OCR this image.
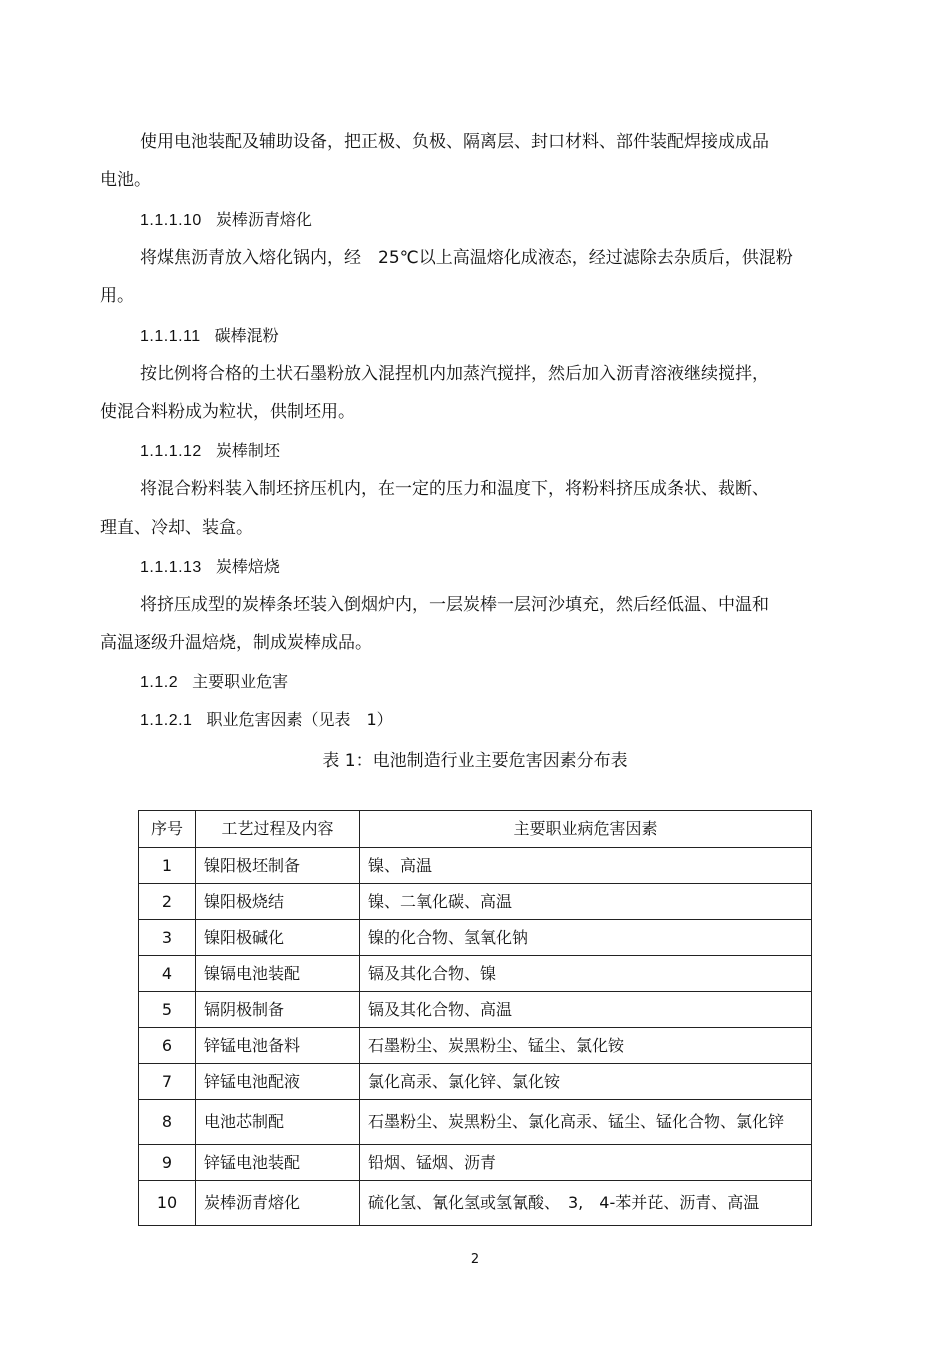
使用电池装配及辅助设备，把正极、负极、隔离层、封口材料、部件装配焊接成成品
电池。
1.1.1.10 炭棒沥青熔化
将煤焦沥青放入熔化锅内，经　25℃以上高温熔化成液态，经过滤除去杂质后，供混粉
用。
1.1.1.11 碳棒混粉
按比例将合格的土状石墨粉放入混捏机内加蒸汽搅拌，然后加入沥青溶液继续搅拌，
使混合料粉成为粒状，供制坯用。
1.1.1.12 炭棒制坯
将混合粉料装入制坯挤压机内，在一定的压力和温度下，将粉料挤压成条状、裁断、
理直、冷却、装盒。
1.1.1.13 炭棒焙烧
将挤压成型的炭棒条坯装入倒烟炉内，一层炭棒一层河沙填充，然后经低温、中温和
高温逐级升温焙烧，制成炭棒成品。
1.1.2 主要职业危害
1.1.2.1 职业危害因素（见表　1）
表 1：电池制造行业主要危害因素分布表
序号	工艺过程及内容	主要职业病危害因素
1	镍阳极坯制备	镍、高温
2	镍阳极烧结	镍、二氧化碳、高温
3	镍阳极碱化	镍的化合物、氢氧化钠
4	镍镉电池装配	镉及其化合物、镍
5	镉阴极制备	镉及其化合物、高温
6	锌锰电池备料	石墨粉尘、炭黑粉尘、锰尘、氯化铵
7	锌锰电池配液	氯化高汞、氯化锌、氯化铵
8	电池芯制配	石墨粉尘、炭黑粉尘、氯化高汞、锰尘、锰化合物、氯化锌
9	锌锰电池装配	铅烟、锰烟、沥青
10	炭棒沥青熔化	硫化氢、氰化氢或氢氰酸、　3,　4-苯并芘、沥青、高温
2
